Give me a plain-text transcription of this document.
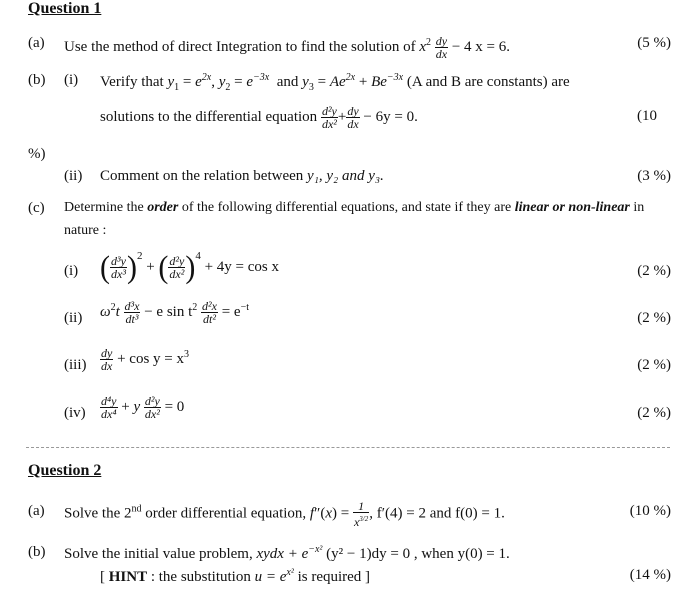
Question 1
(a) Use the method of direct Integration to find the solution of $x^2 \frac{dy}{dx} - 4$ x = 6.	(5 %)
(b) (i) Verify that $y_1 = e^{2x}$, $y_2 = e^{-3x}$  and $y_3 = Ae^{2x} + Be^{-3x}$ (A and B are constants) are
solutions to the differential equation $\frac{\text{d²y}}{\text{dx²}} + \frac{dy}{dx} - 6y = 0$.	(10
%)
(ii) Comment on the relation between y₁, y₂ and y₃.	(3 %)
(c) Determine the order of the following differential equations, and state if they are linear or non-linear in
nature :
(i) ( $\frac{\text{d³y}}{\text{dx³}} )^2$ + ( $\frac{\text{d²y}}{\text{dx²}} )^4 + 4y = \cos x$	(2 %)
(ii) $\omega^2t \frac{\text{d³x}}{\text{dt³}} - e$ $\sin t^2 \frac{\text{d²x}}{\text{dt²}} = e^{-t}$
(2 %)
$(iii) \frac{dy}{dx} + \cos y = x^3$
(2 %)
$(iv) \frac{\text{d⁴y}}{\text{dx⁴}} + y \frac{\text{d²y}}{\text{dx²}} = 0$	(2 %)
Question 2
(a) Solve the 2nd order differential equation, $f''(x) = \frac{1}{x^{3/2}}$ , f′(4) = 2 and f(0) = 1.	(10 %)
(b) Solve the initial value problem, xydx + $e^{-x^2}$ (y² − 1)dy = 0 , when y(0) = 1.
[ HINT : the substitution $u = e^{x^2}$ is required ]	(14 %)
